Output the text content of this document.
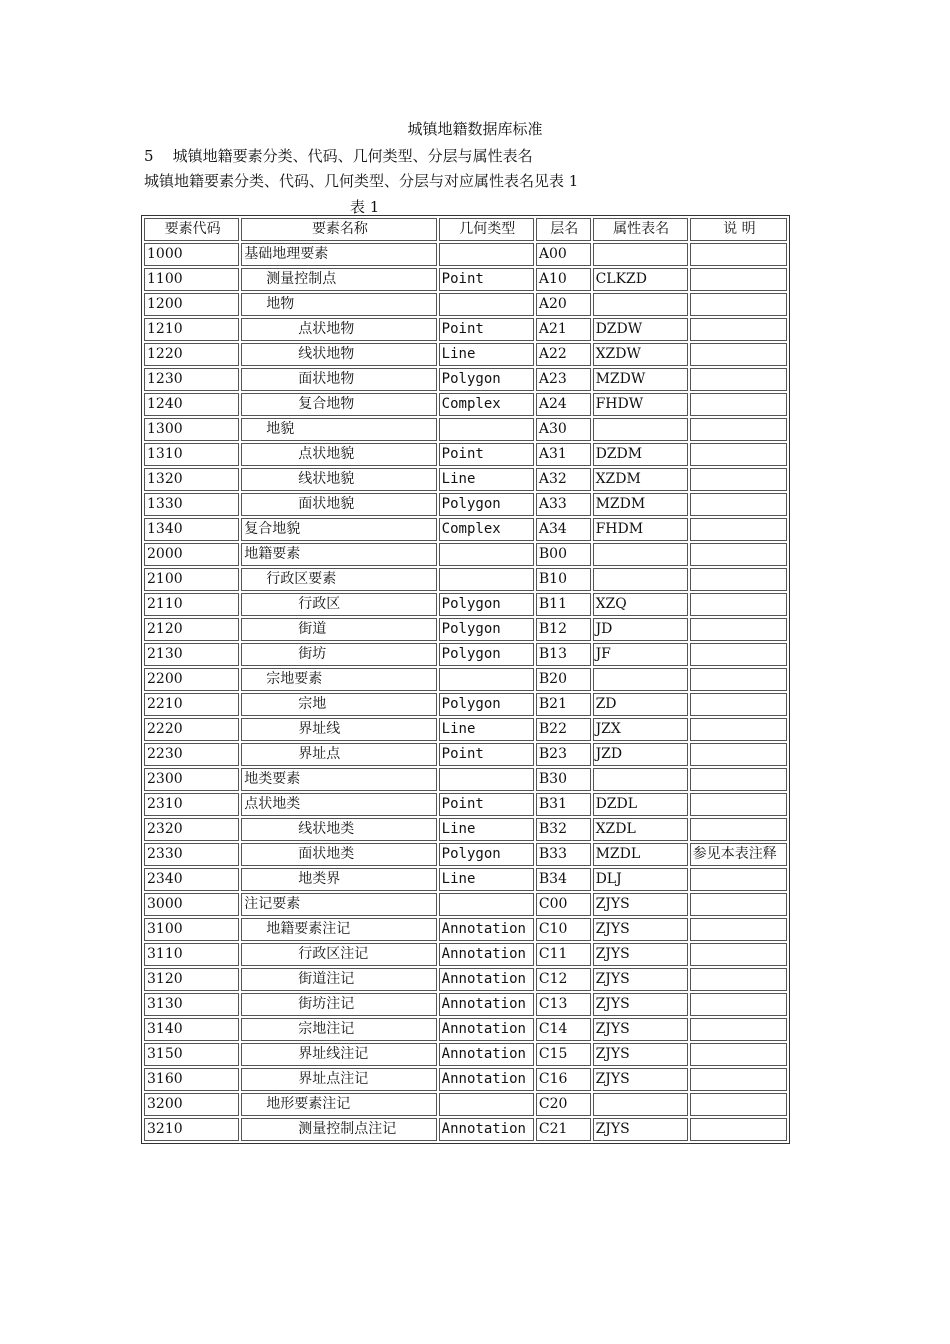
城镇地籍数据库标准
5    城镇地籍要素分类、代码、几何类型、分层与属性表名
城镇地籍要素分类、代码、几何类型、分层与对应属性表名见表 1
表 1
要素代码	要素名称	几何类型	层名	属性表名	说 明
1000	基础地理要素		A00		
1100	测量控制点	Point	A10	CLKZD	
1200	地物		A20		
1210	点状地物	Point	A21	DZDW	
1220	线状地物	Line	A22	XZDW	
1230	面状地物	Polygon	A23	MZDW	
1240	复合地物	Complex	A24	FHDW	
1300	地貌		A30		
1310	点状地貌	Point	A31	DZDM	
1320	线状地貌	Line	A32	XZDM	
1330	面状地貌	Polygon	A33	MZDM	
1340	复合地貌	Complex	A34	FHDM	
2000	地籍要素		B00		
2100	行政区要素		B10		
2110	行政区	Polygon	B11	XZQ	
2120	街道	Polygon	B12	JD	
2130	街坊	Polygon	B13	JF	
2200	宗地要素		B20		
2210	宗地	Polygon	B21	ZD	
2220	界址线	Line	B22	JZX	
2230	界址点	Point	B23	JZD	
2300	地类要素		B30		
2310	点状地类	Point	B31	DZDL	
2320	线状地类	Line	B32	XZDL	
2330	面状地类	Polygon	B33	MZDL	参见本表注释
2340	地类界	Line	B34	DLJ	
3000	注记要素		C00	ZJYS	
3100	地籍要素注记	Annotation	C10	ZJYS	
3110	行政区注记	Annotation	C11	ZJYS	
3120	街道注记	Annotation	C12	ZJYS	
3130	街坊注记	Annotation	C13	ZJYS	
3140	宗地注记	Annotation	C14	ZJYS	
3150	界址线注记	Annotation	C15	ZJYS	
3160	界址点注记	Annotation	C16	ZJYS	
3200	地形要素注记		C20		
3210	测量控制点注记	Annotation	C21	ZJYS	
